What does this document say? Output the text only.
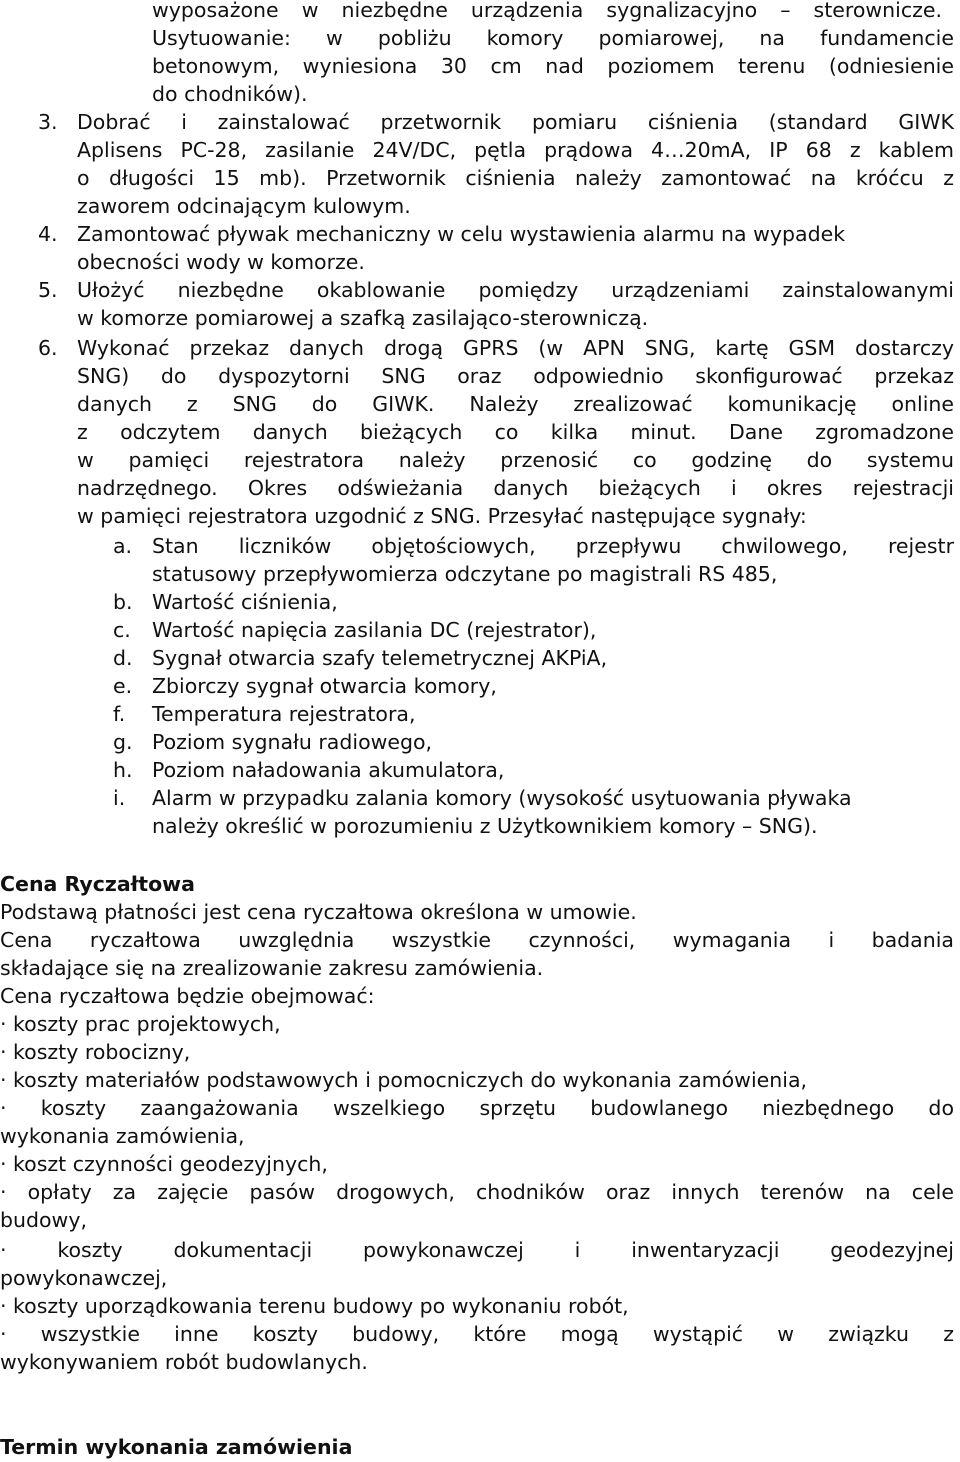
wyposażone w niezbędne urządzenia sygnalizacyjno – sterownicze.
Usytuowanie: w pobliżu komory pomiarowej, na fundamencie
betonowym, wyniesiona 30 cm nad poziomem terenu (odniesienie
do chodników).
3. Dobrać i zainstalować przetwornik pomiaru ciśnienia (standard GIWK
Aplisens PC-28, zasilanie 24V/DC, pętla prądowa 4…20mA, IP 68 z kablem
o długości 15 mb). Przetwornik ciśnienia należy zamontować na króćcu z
zaworem odcinającym kulowym.
4. Zamontować pływak mechaniczny w celu wystawienia alarmu na wypadek
obecności wody w komorze.
5. Ułożyć niezbędne okablowanie pomiędzy urządzeniami zainstalowanymi
w komorze pomiarowej a szafką zasilająco-sterowniczą.
6. Wykonać przekaz danych drogą GPRS (w APN SNG, kartę GSM dostarczy
SNG) do dyspozytorni SNG oraz odpowiednio skonfigurować przekaz
danych z SNG do GIWK. Należy zrealizować komunikację online
z odczytem danych bieżących co kilka minut. Dane zgromadzone
w pamięci rejestratora należy przenosić co godzinę do systemu
nadrzędnego. Okres odświeżania danych bieżących i okres rejestracji
w pamięci rejestratora uzgodnić z SNG. Przesyłać następujące sygnały:
a. Stan liczników objętościowych, przepływu chwilowego, rejestr
statusowy przepływomierza odczytane po magistrali RS 485,
b. Wartość ciśnienia,
c. Wartość napięcia zasilania DC (rejestrator),
d. Sygnał otwarcia szafy telemetrycznej AKPiA,
e. Zbiorczy sygnał otwarcia komory,
f. Temperatura rejestratora,
g. Poziom sygnału radiowego,
h. Poziom naładowania akumulatora,
i. Alarm w przypadku zalania komory (wysokość usytuowania pływaka
należy określić w porozumieniu z Użytkownikiem komory – SNG).
Cena Ryczałtowa
Podstawą płatności jest cena ryczałtowa określona w umowie.
Cena ryczałtowa uwzględnia wszystkie czynności, wymagania i badania
składające się na zrealizowanie zakresu zamówienia.
Cena ryczałtowa będzie obejmować:
· koszty prac projektowych,
· koszty robocizny,
· koszty materiałów podstawowych i pomocniczych do wykonania zamówienia,
· koszty zaangażowania wszelkiego sprzętu budowlanego niezbędnego do
wykonania zamówienia,
· koszt czynności geodezyjnych,
· opłaty za zajęcie pasów drogowych, chodników oraz innych terenów na cele
budowy,
· koszty dokumentacji powykonawczej i inwentaryzacji geodezyjnej
powykonawczej,
· koszty uporządkowania terenu budowy po wykonaniu robót,
· wszystkie inne koszty budowy, które mogą wystąpić w związku z
wykonywaniem robót budowlanych.
Termin wykonania zamówienia
